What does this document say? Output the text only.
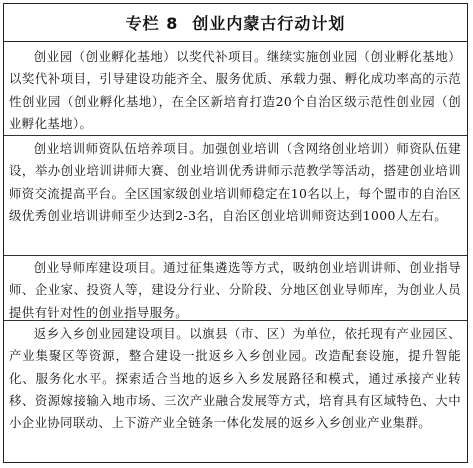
专栏 8 创业内蒙古行动计划

创业园（创业孵化基地）以奖代补项目。继续实施创业园（创业孵化基地）以奖代补项目，引导建设功能齐全、服务优质、承载力强、孵化成功率高的示范性创业园（创业孵化基地），在全区新培育打造20个自治区级示范性创业园（创业孵化基地）。

创业培训师资队伍培养项目。加强创业培训（含网络创业培训）师资队伍建设，举办创业培训讲师大赛、创业培训优秀讲师示范教学等活动，搭建创业培训师资交流提高平台。全区国家级创业培训师稳定在10名以上，每个盟市的自治区级优秀创业培训讲师至少达到2-3名，自治区创业培训师资达到1000人左右。

创业导师库建设项目。通过征集遴选等方式，吸纳创业培训讲师、创业指导师、企业家、投资人等，建设分行业、分阶段、分地区创业导师库，为创业人员提供有针对性的创业指导服务。

返乡入乡创业园建设项目。以旗县（市、区）为单位，依托现有产业园区、产业集聚区等资源，整合建设一批返乡入乡创业园。改造配套设施，提升智能化、服务化水平。探索适合当地的返乡入乡发展路径和模式，通过承接产业转移、资源嫁接输入地市场、三次产业融合发展等方式，培育具有区域特色、大中小企业协同联动、上下游产业全链条一体化发展的返乡入乡创业产业集群。
